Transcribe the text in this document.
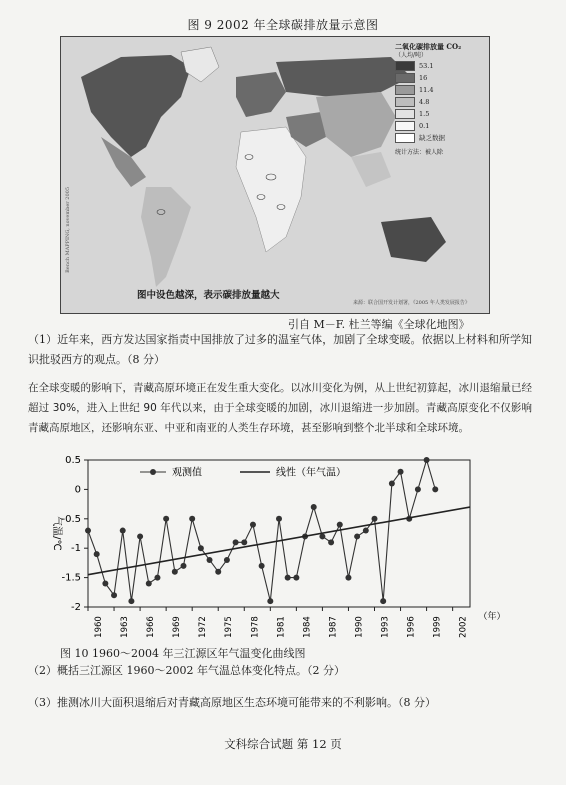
图 9 2002 年全球碳排放量示意图
二氧化碳排放量 CO₂
（人均/吨）
53.1
16
11.4
4.8
1.5
0.1
缺乏数据
统计方法：被人除
图中设色越深，表示碳排放量越大
来源：联合国开发计划署，《2005 年人类发展报告》
Bench MAPPING, november 2005
引自 M－F. 杜兰等编《全球化地图》
（1）近年来，西方发达国家指责中国排放了过多的温室气体，加剧了全球变暖。依据以上材料和所学知识批驳西方的观点。（8 分）
在全球变暖的影响下，青藏高原环境正在发生重大变化。以冰川变化为例，从上世纪初算起，冰川退缩量已经超过 30%，进入上世纪 90 年代以来，由于全球变暖的加剧，冰川退缩进一步加剧。青藏高原变化不仅影响青藏高原地区，还影响东亚、中亚和南亚的人类生存环境，甚至影响到整个北半球和全球环境。
0.5
0
-0.5
-1
-1.5
-2
1960 1963 1966 1969 1972 1975 1978 1981 1984 1987 1990 1993 1996 1999 2002 （年）
气温/℃
观测值	线性（年气温）
图 10 1960～2004 年三江源区年气温变化曲线图
（2）概括三江源区 1960～2002 年气温总体变化特点。（2 分）
（3）推测冰川大面积退缩后对青藏高原地区生态环境可能带来的不利影响。（8 分）
文科综合试题 第 12 页
